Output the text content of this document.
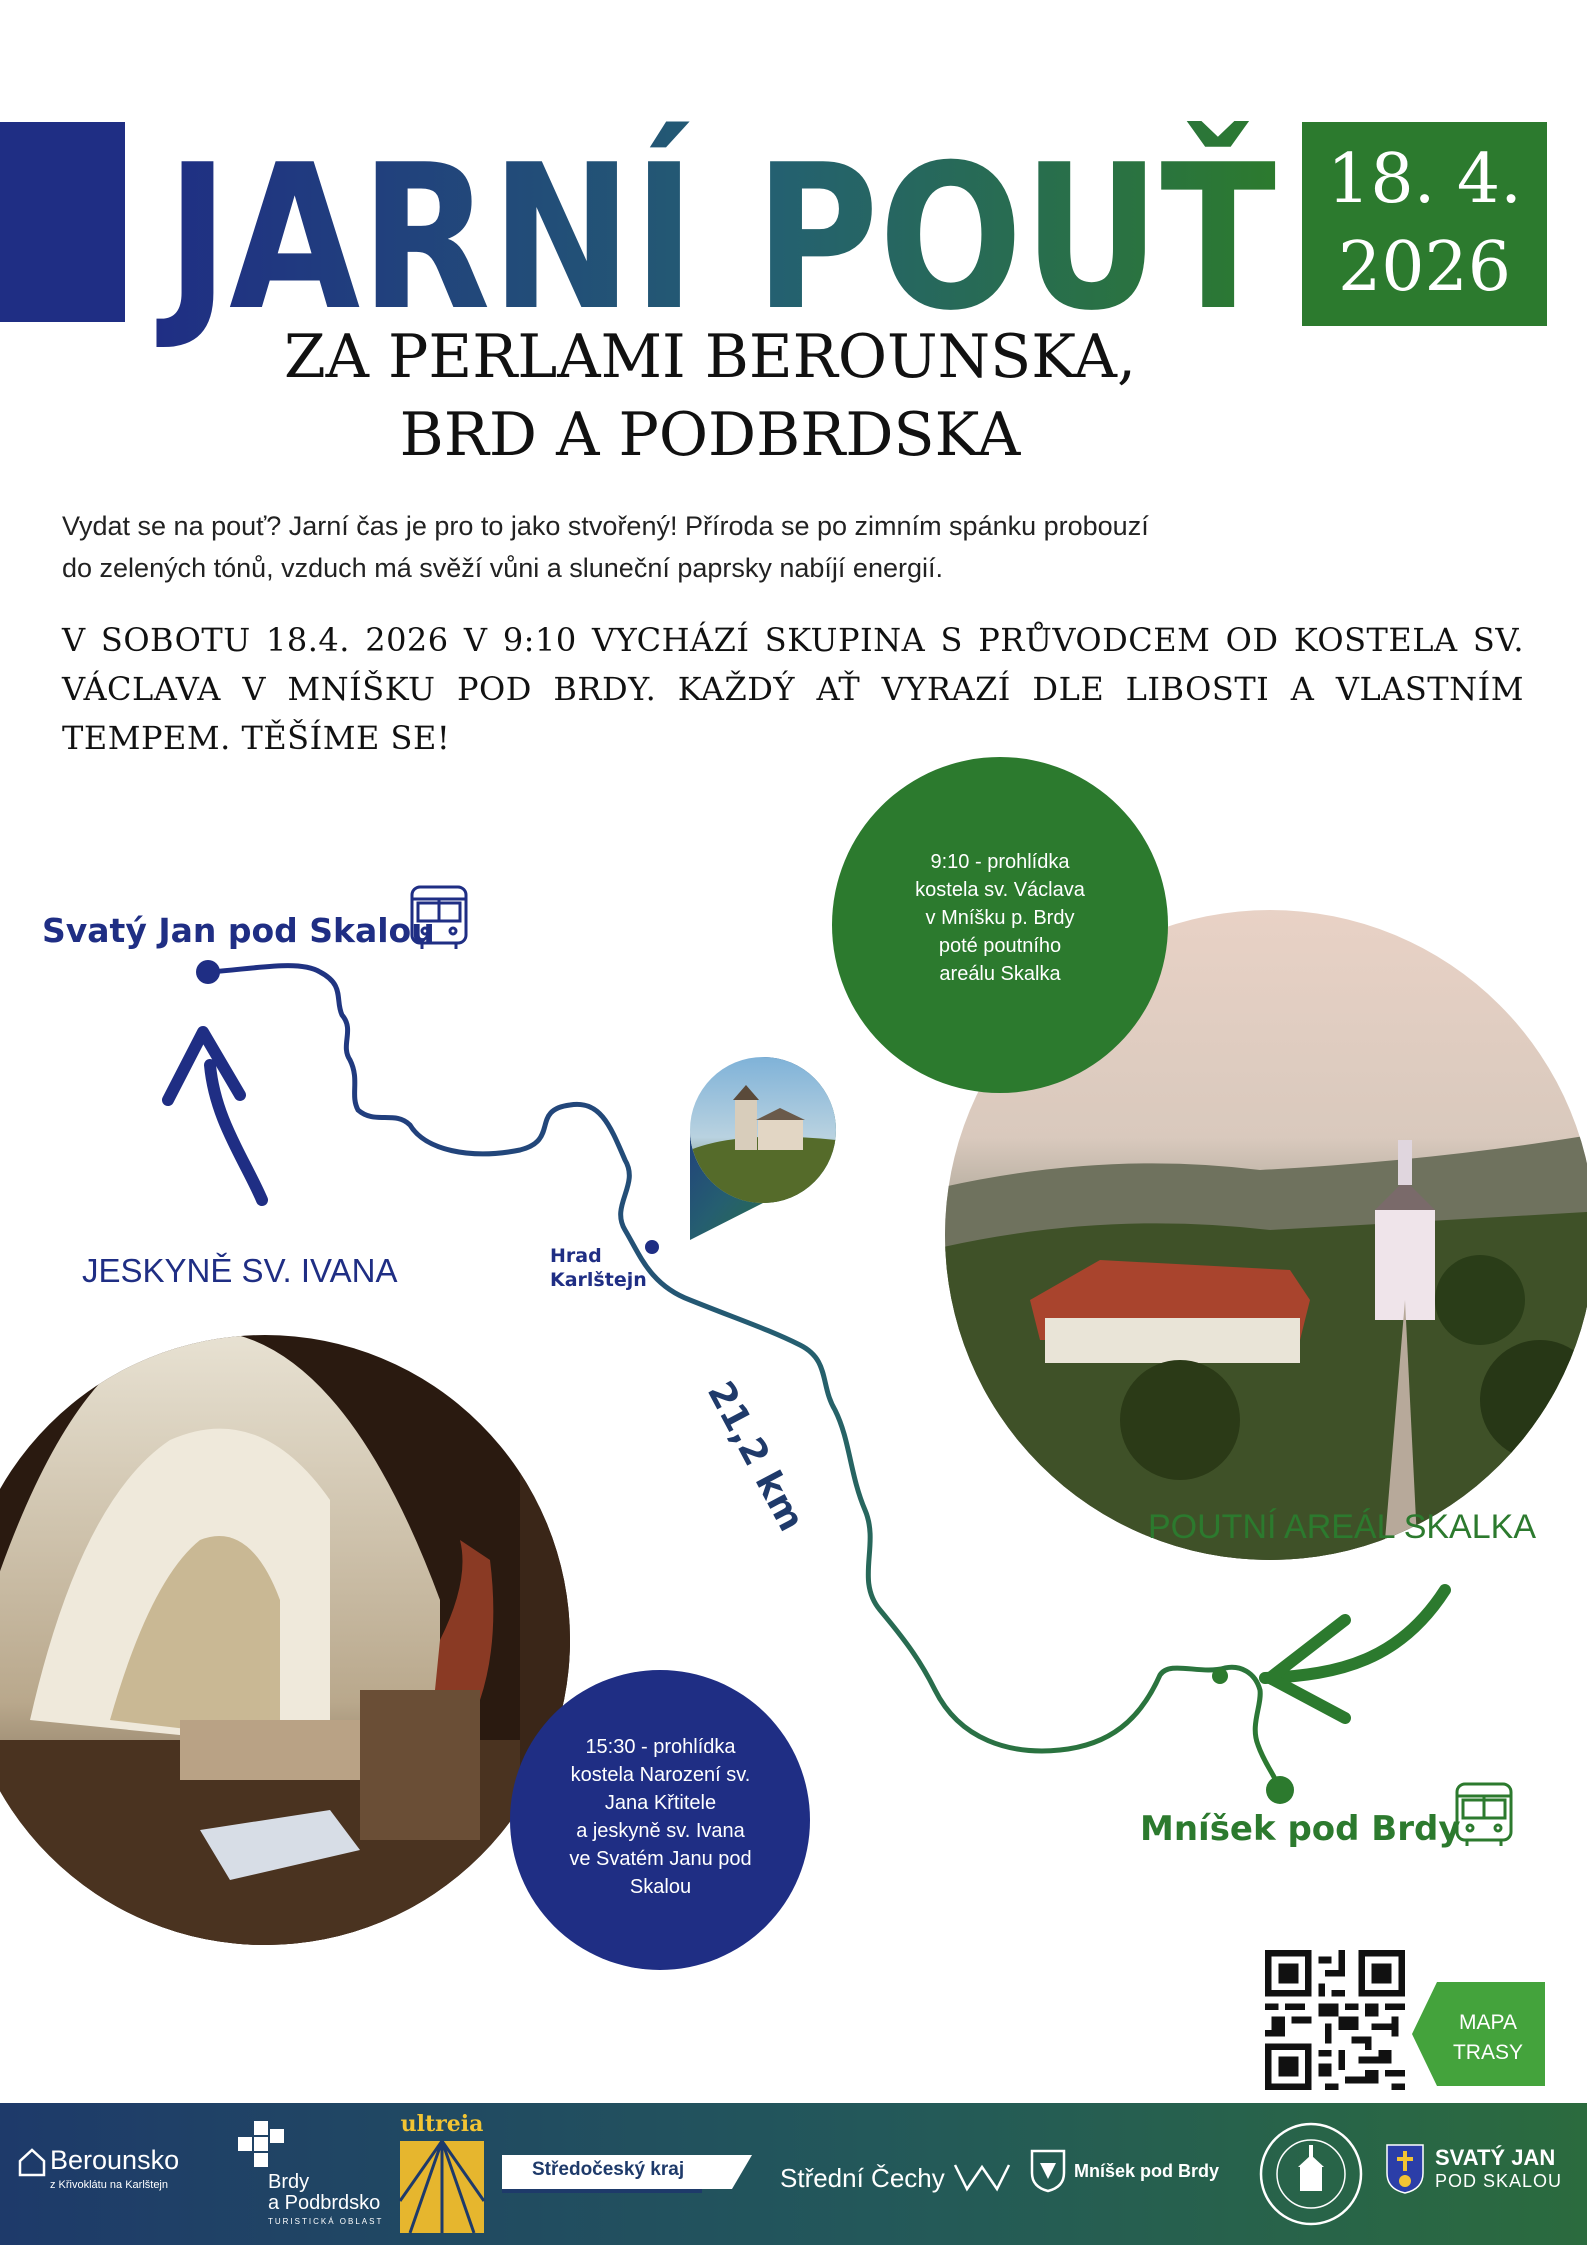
JARNÍ POUŤ
18. 4.
2026
ZA PERLAMI BEROUNSKA,
BRD A PODBRDSKA
Vydat se na pouť? Jarní čas je pro to jako stvořený! Příroda se po zimním spánku probouzí
do zelených tónů, vzduch má svěží vůni a sluneční paprsky nabíjí energií.
V SOBOTU 18.4. 2026 V 9:10 VYCHÁZÍ SKUPINA S PRŮVODCEM OD KOSTELA SV. VÁCLAVA V MNÍŠKU POD BRDY. KAŽDÝ AŤ VYRAZÍ DLE LIBOSTI A VLASTNÍM TEMPEM. TĚŠÍME SE!
Svatý Jan pod Skalou
Mníšek pod Brdy
Hrad
Karlštejn
21,2 km
JESKYNĚ SV. IVANA
POUTNÍ AREÁL SKALKA
9:10 - prohlídka
kostela sv. Václava
v Mníšku p. Brdy
poté poutního
areálu Skalka
15:30 - prohlídka
kostela Narození sv.
Jana Křtitele
a jeskyně sv. Ivana
ve Svatém Janu pod
Skalou
MAPA
TRASY
Berounsko
z Křivoklátu na Karlštejn	Brdy
a Podbrdsko
TURISTICKÁ OBLAST
ultreia
Středočeský kraj	Střední Čechy	Mníšek pod Brdy
SVATÝ JAN
POD SKALOU
